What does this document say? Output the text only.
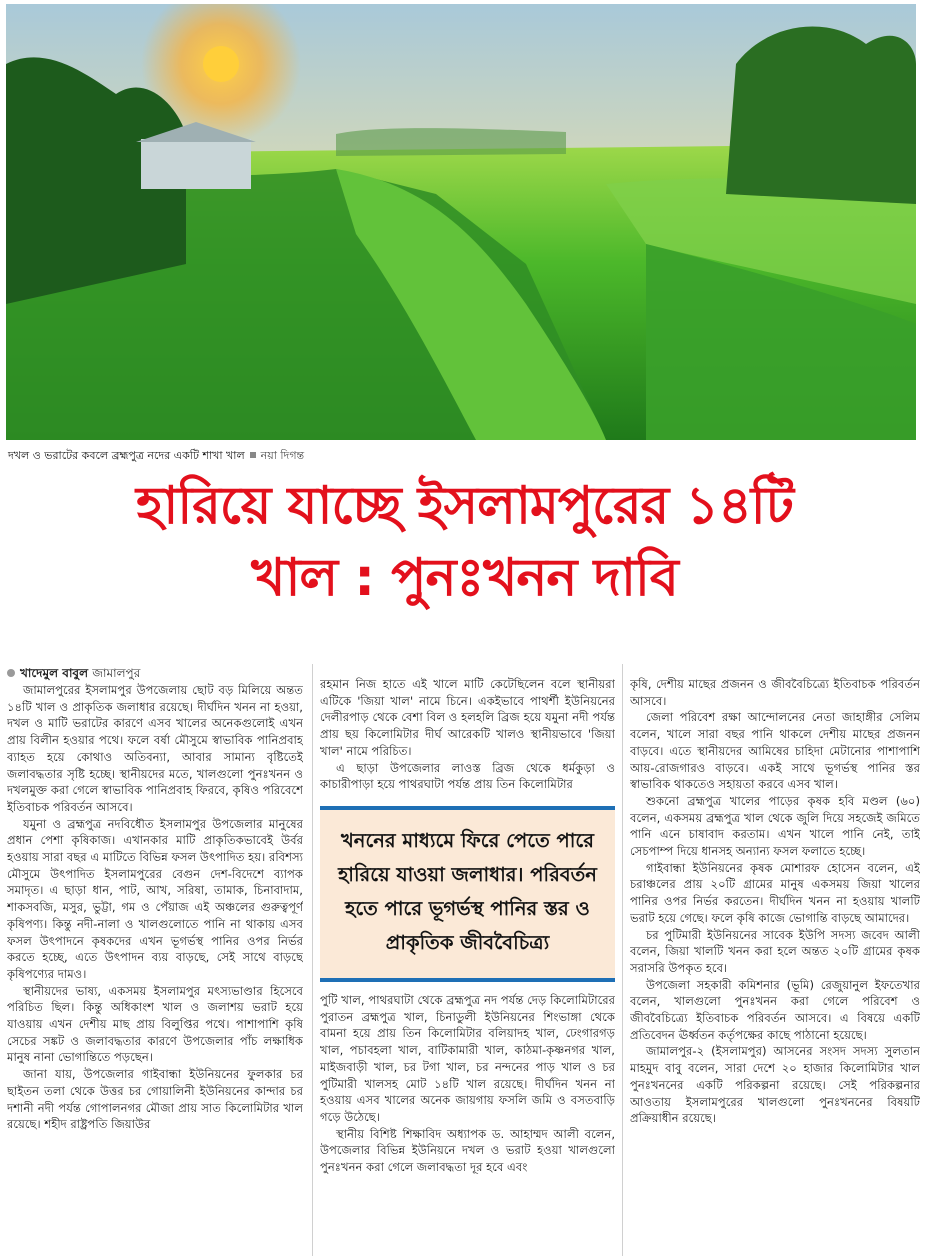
দখল ও ভরাটের কবলে ব্রহ্মপুত্র নদের একটি শাখা খাল নয়া দিগন্ত
হারিয়ে যাচ্ছে ইসলামপুরের ১৪টি
খাল : পুনঃখনন দাবি

খাদেমুল বাবুল জামালপুর

জামালপুরের ইসলামপুর উপজেলায় ছোট বড় মিলিয়ে অন্তত ১৪টি খাল ও প্রাকৃতিক জলাধার রয়েছে। দীর্ঘদিন খনন না হওয়া, দখল ও মাটি ভরাটের কারণে এসব খালের অনেকগুলোই এখন প্রায় বিলীন হওয়ার পথে। ফলে বর্ষা মৌসুমে স্বাভাবিক পানিপ্রবাহ ব্যাহত হয়ে কোথাও অতিবন্যা, আবার সামান্য বৃষ্টিতেই জলাবদ্ধতার সৃষ্টি হচ্ছে। স্থানীয়দের মতে, খালগুলো পুনঃখনন ও দখলমুক্ত করা গেলে স্বাভাবিক পানিপ্রবাহ ফিরবে, কৃষিও পরিবেশে ইতিবাচক পরিবর্তন আসবে।

যমুনা ও ব্রহ্মপুত্র নদবিধৌত ইসলামপুর উপজেলার মানুষের প্রধান পেশা কৃষিকাজ। এখানকার মাটি প্রাকৃতিকভাবেই উর্বর হওয়ায় সারা বছর এ মাটিতে বিভিন্ন ফসল উৎপাদিত হয়। রবিশস্য মৌসুমে উৎপাদিত ইসলামপুরের বেগুন দেশ-বিদেশে ব্যাপক সমাদৃত। এ ছাড়া ধান, পাট, আখ, সরিষা, তামাক, চিনাবাদাম, শাকসবজি, মসুর, ভুট্টা, গম ও পেঁয়াজ এই অঞ্চলের গুরুত্বপূর্ণ কৃষিপণ্য। কিন্তু নদী-নালা ও খালগুলোতে পানি না থাকায় এসব ফসল উৎপাদনে কৃষকদের এখন ভূগর্ভস্থ পানির ওপর নির্ভর করতে হচ্ছে, এতে উৎপাদন ব্যয় বাড়ছে, সেই সাথে বাড়ছে কৃষিপণ্যের দামও।

স্থানীয়দের ভাষ্য, একসময় ইসলামপুর মৎস্যভাণ্ডার হিসেবে পরিচিত ছিল। কিন্তু অধিকাংশ খাল ও জলাশয় ভরাট হয়ে যাওয়ায় এখন দেশীয় মাছ প্রায় বিলুপ্তির পথে। পাশাপাশি কৃষি সেচের সঙ্কট ও জলাবদ্ধতার কারণে উপজেলার পাঁচ লক্ষাধিক মানুষ নানা ভোগান্তিতে পড়ছেন।

জানা যায়, উপজেলার গাইবান্ধা ইউনিয়নের ফুলকার চর ছাইতন তলা থেকে উত্তর চর গোয়ালিনী ইউনিয়নের কান্দার চর দশানী নদী পর্যন্ত গোপালনগর মৌজা প্রায় সাত কিলোমিটার খাল রয়েছে। শহীদ রাষ্ট্রপতি জিয়াউর

রহমান নিজ হাতে এই খালে মাটি কেটেছিলেন বলে স্থানীয়রা এটিকে 'জিয়া খাল' নামে চিনে। একইভাবে পাথর্শী ইউনিয়নের দেলীরপাড় থেকে বেশা বিল ও হলহলি ব্রিজ হয়ে যমুনা নদী পর্যন্ত প্রায় ছয় কিলোমিটার দীর্ঘ আরেকটি খালও স্থানীয়ভাবে 'জিয়া খাল' নামে পরিচিত।

এ ছাড়া উপজেলার লাওস্ত ব্রিজ থেকে ধর্মকুড়া ও কাচারীপাড়া হয়ে পাথরঘাটা পর্যন্ত প্রায় তিন কিলোমিটার

খননের মাধ্যমে ফিরে পেতে পারে হারিয়ে যাওয়া জলাধার। পরিবর্তন হতে পারে ভূগর্ভস্থ পানির স্তর ও প্রাকৃতিক জীববৈচিত্র্য

পুটি খাল, পাথরঘাটা থেকে ব্রহ্মপুত্র নদ পর্যন্ত দেড় কিলোমিটারের পুরাতন ব্রহ্মপুত্র খাল, চিনাডুলী ইউনিয়নের শিংভাঙ্গা থেকে বামনা হয়ে প্রায় তিন কিলোমিটার বলিয়াদহ খাল, ঢেংগারগড় খাল, পচাবহলা খাল, বাটিকামারী খাল, কাঠমা-কৃষ্ণনগর খাল, মাইজবাড়ী খাল, চর টগা খাল, চর নন্দনের পাড় খাল ও চর পুটিমারী খালসহ মোট ১৪টি খাল রয়েছে। দীর্ঘদিন খনন না হওয়ায় এসব খালের অনেক জায়গায় ফসলি জমি ও বসতবাড়ি গড়ে উঠেছে।

স্থানীয় বিশিষ্ট শিক্ষাবিদ অধ্যাপক ড. আহাম্মদ আলী বলেন, উপজেলার বিভিন্ন ইউনিয়নে দখল ও ভরাট হওয়া খালগুলো পুনঃখনন করা গেলে জলাবদ্ধতা দূর হবে এবং

কৃষি, দেশীয় মাছের প্রজনন ও জীববৈচিত্র্যে ইতিবাচক পরিবর্তন আসবে।

জেলা পরিবেশ রক্ষা আন্দোলনের নেতা জাহাঙ্গীর সেলিম বলেন, খালে সারা বছর পানি থাকলে দেশীয় মাছের প্রজনন বাড়বে। এতে স্থানীয়দের আমিষের চাহিদা মেটানোর পাশাপাশি আয়-রোজগারও বাড়বে। একই সাথে ভূগর্ভস্থ পানির স্তর স্বাভাবিক থাকতেও সহায়তা করবে এসব খাল।

শুকনো ব্রহ্মপুত্র খালের পাড়ের কৃষক হবি মণ্ডল (৬০) বলেন, একসময় ব্রহ্মপুত্র খাল থেকে জুলি দিয়ে সহজেই জমিতে পানি এনে চাষাবাদ করতাম। এখন খালে পানি নেই, তাই সেচপাম্প দিয়ে ধানসহ অন্যান্য ফসল ফলাতে হচ্ছে।

গাইবান্ধা ইউনিয়নের কৃষক মোশারফ হোসেন বলেন, এই চরাঞ্চলের প্রায় ২০টি গ্রামের মানুষ একসময় জিয়া খালের পানির ওপর নির্ভর করতেন। দীর্ঘদিন খনন না হওয়ায় খালটি ভরাট হয়ে গেছে। ফলে কৃষি কাজে ভোগান্তি বাড়ছে আমাদের।

চর পুটিমারী ইউনিয়নের সাবেক ইউপি সদস্য জবেদ আলী বলেন, জিয়া খালটি খনন করা হলে অন্তত ২০টি গ্রামের কৃষক সরাসরি উপকৃত হবে।

উপজেলা সহকারী কমিশনার (ভূমি) রেজুয়ানুল ইফতেখার বলেন, খালগুলো পুনঃখনন করা গেলে পরিবেশ ও জীববৈচিত্র্যে ইতিবাচক পরিবর্তন আসবে। এ বিষয়ে একটি প্রতিবেদন ঊর্ধ্বতন কর্তৃপক্ষের কাছে পাঠানো হয়েছে।

জামালপুর-২ (ইসলামপুর) আসনের সংসদ সদস্য সুলতান মাহমুদ বাবু বলেন, সারা দেশে ২০ হাজার কিলোমিটার খাল পুনঃখননের একটি পরিকল্পনা রয়েছে। সেই পরিকল্পনার আওতায় ইসলামপুরের খালগুলো পুনঃখননের বিষয়টি প্রক্রিয়াধীন রয়েছে।
